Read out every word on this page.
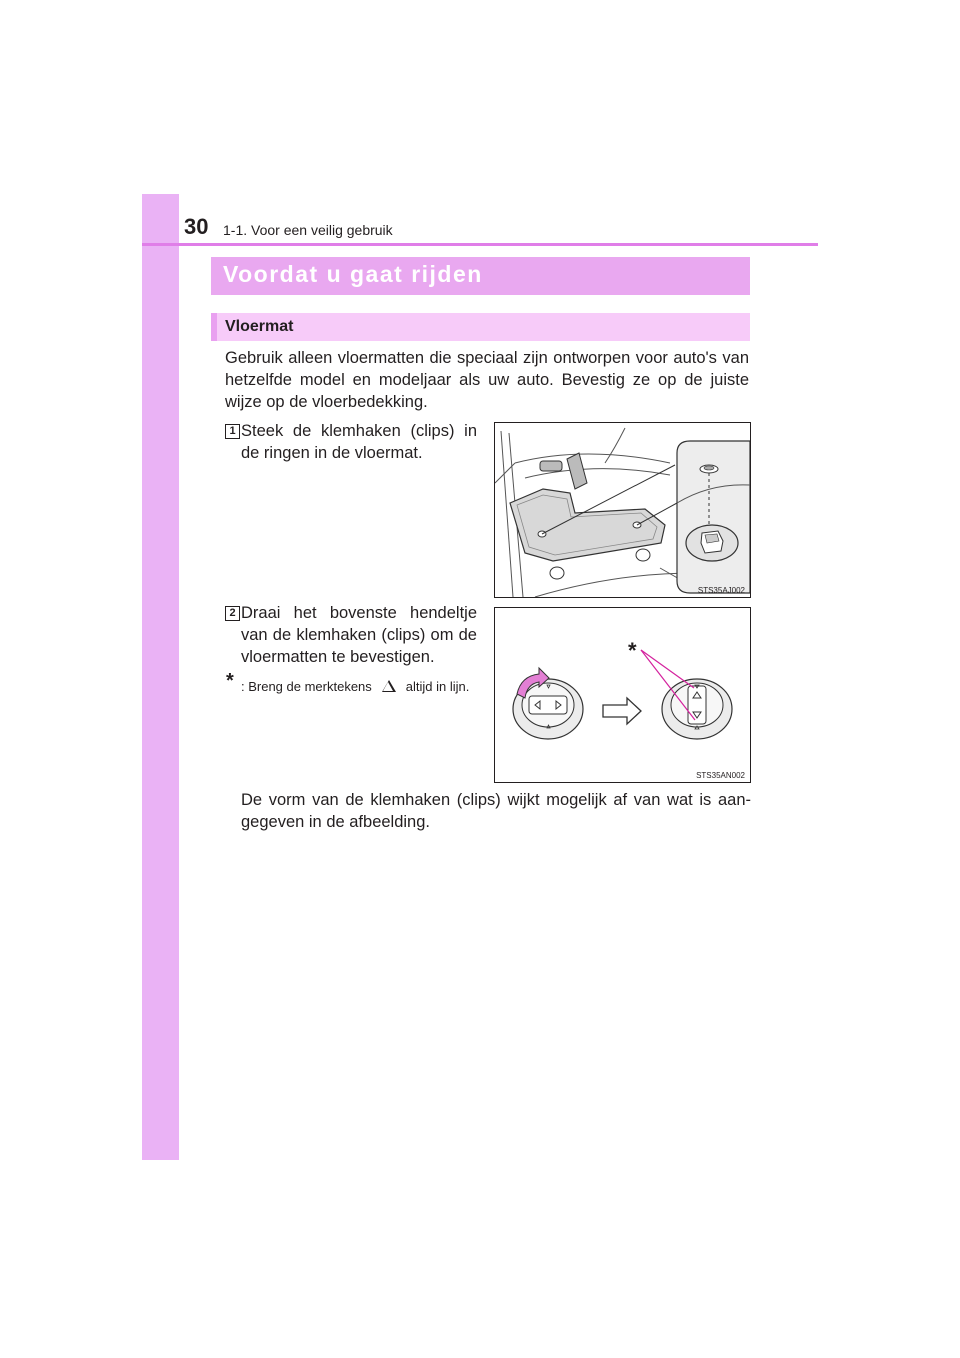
30 1-1. Voor een veilig gebruik
Voordat u gaat rijden
Vloermat
Gebruik alleen vloermatten die speciaal zijn ontworpen voor auto's van hetzelfde model en modeljaar als uw auto. Bevestig ze op de juiste wijze op de vloerbedekking.
1 Steek de klemhaken (clips) in de ringen in de vloermat.
STS35AJ002
2 Draai het bovenste hendeltje van de klemhaken (clips) om de vloermatten te bevestigen.
* : Breng de merktekens	altijd in lijn.
*
STS35AN002
De vorm van de klemhaken (clips) wijkt mogelijk af van wat is aan-gegeven in de afbeelding.
